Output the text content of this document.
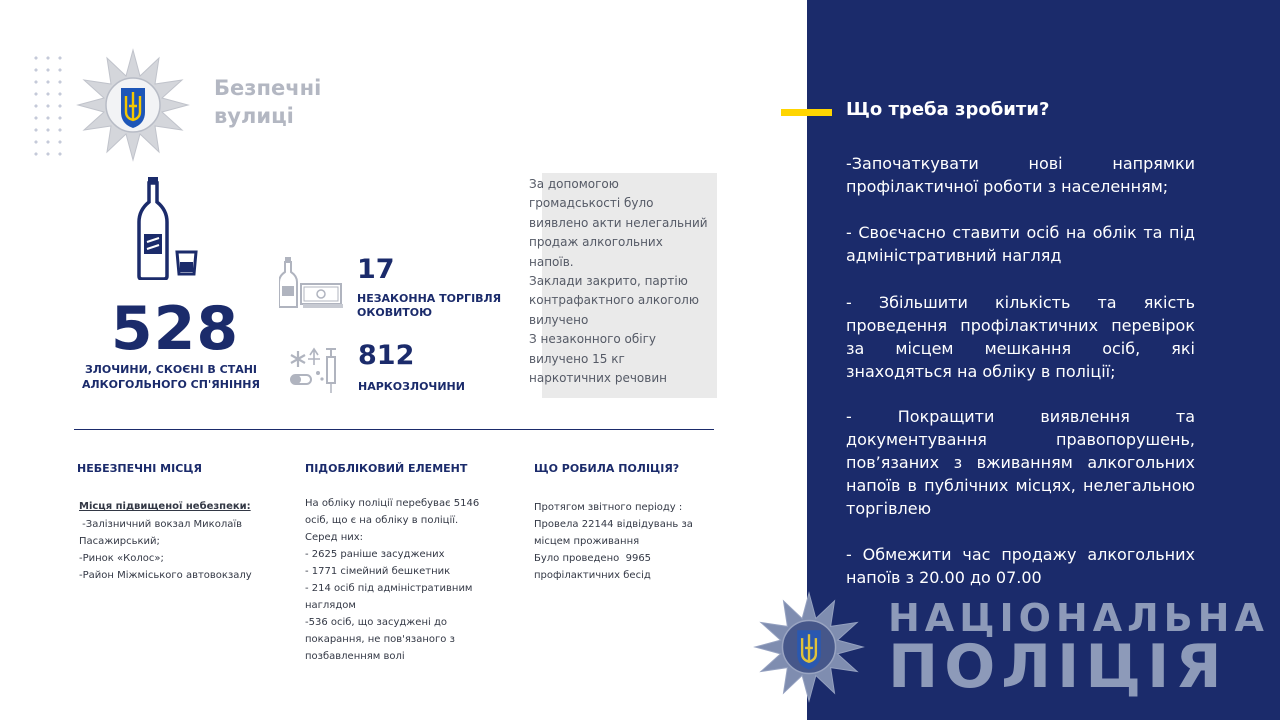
Безпечні
вулиці
528
ЗЛОЧИНИ, СКОЄНІ В СТАНІ
АЛКОГОЛЬНОГО СП'ЯНІННЯ
17
НЕЗАКОННА ТОРГІВЛЯ
ОКОВИТОЮ
812
НАРКОЗЛОЧИНИ
За допомогою
громадськості було
виявлено акти нелегальний
продаж алкогольних
напоїв.
Заклади закрито, партію
контрафактного алкоголю
вилучено
З незаконного обігу
вилучено 15 кг
наркотичних речовин
НЕБЕЗПЕЧНІ МІСЦЯ
Місця підвищеної небезпеки:
-Залізничний вокзал Миколаїв
Пасажирський;
-Ринок «Колос»;
-Район Міжміського автовокзалу
ПІДОБЛІКОВИЙ ЕЛЕМЕНТ
На обліку поліції перебуває 5146
осіб, що є на обліку в поліції.
Серед них:
- 2625 раніше засуджених
- 1771 сімейний бешкетник
- 214 осіб під адміністративним
наглядом
-536 осіб, що засуджені до
покарання, не пов'язаного з
позбавленням волі
ЩО РОБИЛА ПОЛІЦІЯ?
Протягом звітного періоду :
Провела 22144 відвідувань за
місцем проживання
Було проведено  9965
профілактичних бесід
Що треба зробити?
-Започаткувати нові напрямки профілактичної роботи з населенням;
- Своєчасно ставити осіб на облік та під адміністративний нагляд
- Збільшити кількість та якість проведення профілактичних перевірок за місцем мешкання осіб, які знаходяться на обліку в поліції;
- Покращити виявлення та документування правопорушень, пов’язаних з вживанням алкогольних напоїв в публічних місцях, нелегальною торгівлею
- Обмежити час продажу алкогольних напоїв з 20.00 до 07.00
НАЦІОНАЛЬНА
ПОЛІЦІЯ
